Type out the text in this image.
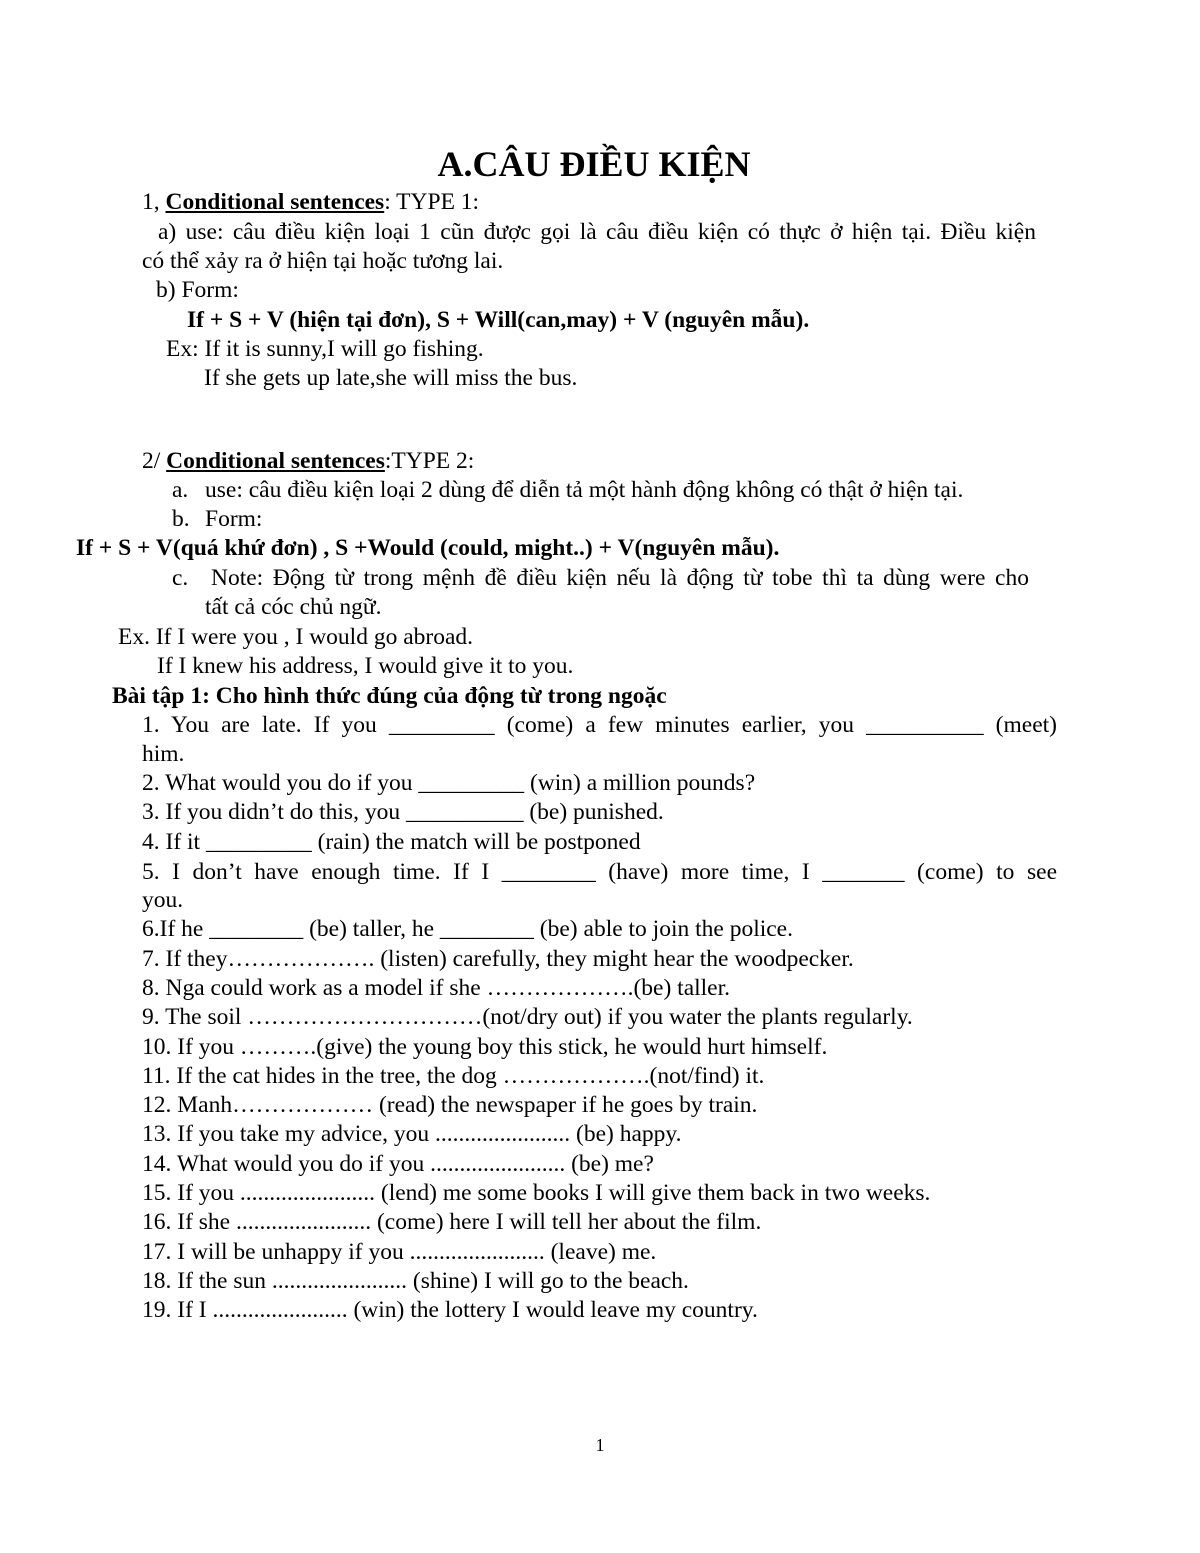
A.CÂU ĐIỀU KIỆN
1, Conditional sentences: TYPE 1:
a) use: câu điều kiện loại 1 cũn được gọi là câu điều kiện có thực ở hiện tại. Điều kiện
có thể xảy ra ở hiện tại hoặc tương lai.
b) Form:
If + S + V (hiện tại đơn), S + Will(can,may) + V (nguyên mẫu).
Ex: If it is sunny,I will go fishing.
If she gets up late,she will miss the bus.
2/ Conditional sentences:TYPE 2:
a. use: câu điều kiện loại 2 dùng để diễn tả một hành động không có thật ở hiện tại.
b. Form:
If + S + V(quá khứ đơn) , S +Would (could, might..) + V(nguyên mẫu).
c. Note: Động từ trong mệnh đề điều kiện nếu là động từ tobe thì ta dùng were cho
tất cả cóc chủ ngữ.
Ex. If I were you , I would go abroad.
If I knew his address, I would give it to you.
Bài tập 1: Cho hình thức đúng của động từ trong ngoặc
1. You are late. If you _________ (come) a few minutes earlier, you __________ (meet)
him.
2. What would you do if you _________ (win) a million pounds?
3. If you didn’t do this, you __________ (be) punished.
4. If it _________ (rain) the match will be postponed
5. I don’t have enough time. If I ________ (have) more time, I _______ (come) to see
you.
6.If he ________ (be) taller, he ________ (be) able to join the police.
7. If they………………. (listen) carefully, they might hear the woodpecker.
8. Nga could work as a model if she ……………….(be) taller.
9. The soil …………………………(not/dry out) if you water the plants regularly.
10. If you ……….(give) the young boy this stick, he would hurt himself.
11. If the cat hides in the tree, the dog ……………….(not/find) it.
12. Manh……………… (read) the newspaper if he goes by train.
13. If you take my advice, you ....................... (be) happy.
14. What would you do if you ....................... (be) me?
15. If you ....................... (lend) me some books I will give them back in two weeks.
16. If she ....................... (come) here I will tell her about the film.
17. I will be unhappy if you ....................... (leave) me.
18. If the sun ....................... (shine) I will go to the beach.
19. If I ....................... (win) the lottery I would leave my country.
1
